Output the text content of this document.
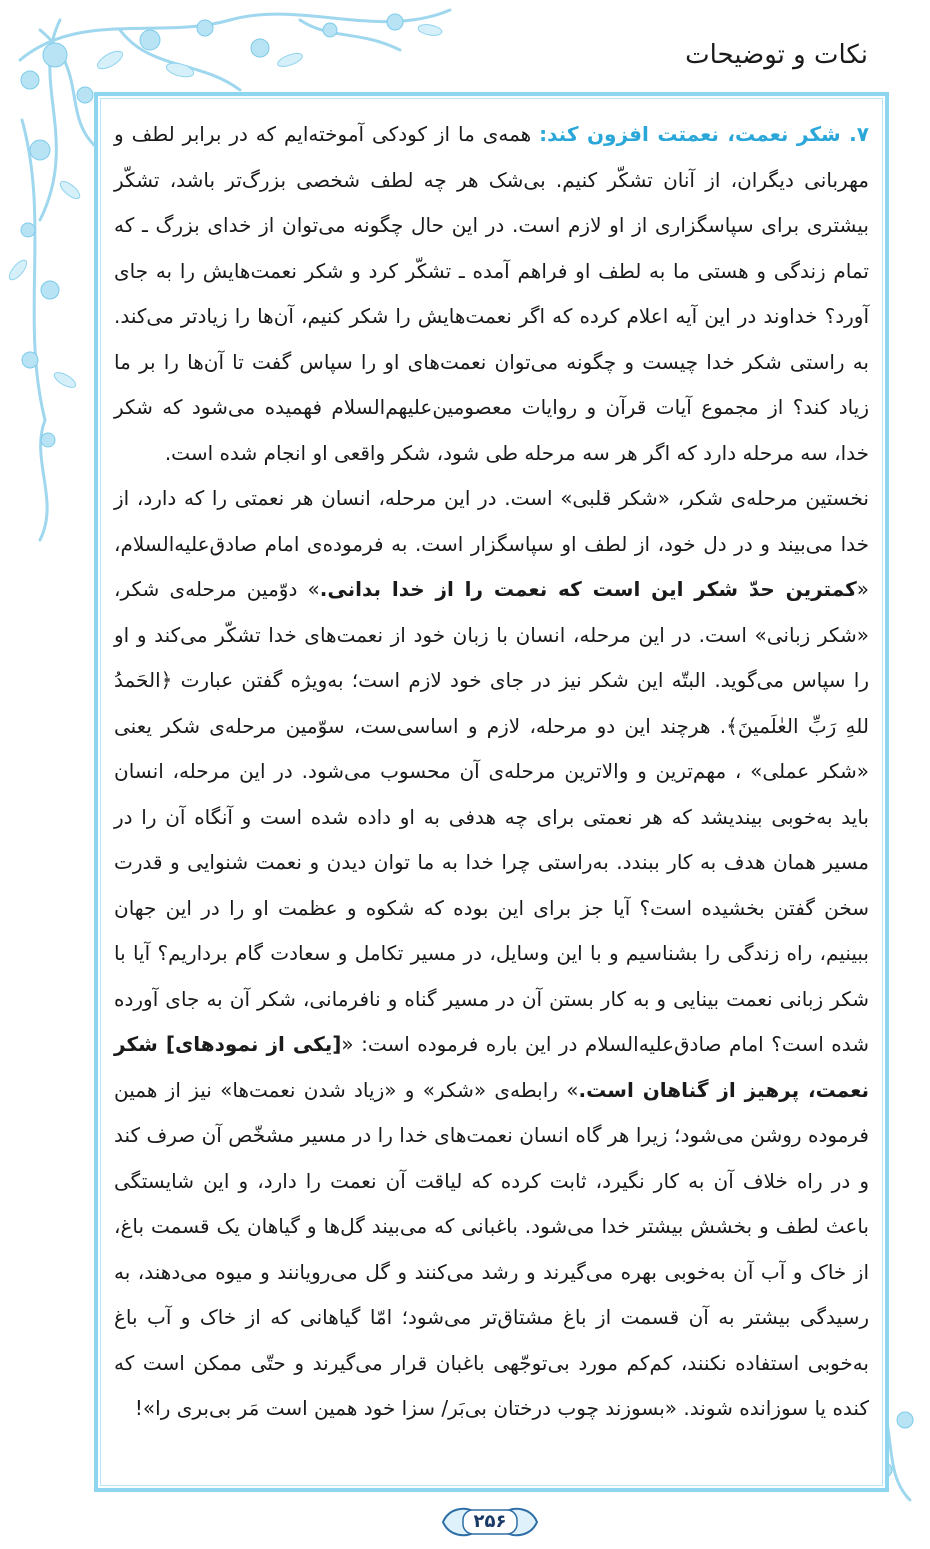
نکات و توضیحات

۷. شکر نعمت، نعمتت افزون کند: همه‌ی ما از کودکی آموخته‌ایم که در برابر لطف و مهربانی دیگران، از آنان تشکّر کنیم. بی‌شک هر چه لطف شخصی بزرگ‌تر باشد، تشکّر بیشتری برای سپاسگزاری از او لازم است. در این حال چگونه می‌توان از خدای بزرگ ـ که تمام زندگی و هستی ما به لطف او فراهم آمده ـ تشکّر کرد و شکر نعمت‌هایش را به جای آورد؟ خداوند در این آیه اعلام کرده که اگر نعمت‌هایش را شکر کنیم، آن‌ها را زیادتر می‌کند. به راستی شکر خدا چیست و چگونه می‌توان نعمت‌های او را سپاس گفت تا آن‌ها را بر ما زیاد کند؟ از مجموع آیات قرآن و روایات معصومین‌علیهم‌السلام فهمیده می‌شود که شکر خدا، سه مرحله دارد که اگر هر سه مرحله طی شود، شکر واقعی او انجام شده است.

نخستین مرحله‌ی شکر، «شکر قلبی» است. در این مرحله، انسان هر نعمتی را که دارد، از خدا می‌بیند و در دل خود، از لطف او سپاسگزار است. به فرموده‌ی امام صادق‌علیه‌السلام، «کمترین حدّ شکر این است که نعمت را از خدا بدانی.» دوّمین مرحله‌ی شکر، «شکر زبانی» است. در این مرحله، انسان با زبان خود از نعمت‌های خدا تشکّر می‌کند و او را سپاس می‌گوید. البتّه این شکر نیز در جای خود لازم است؛ به‌ویژه گفتن عبارت ﴿الحَمدُ للهِ رَبِّ العٰلَمینَ﴾. هرچند این دو مرحله، لازم و اساسی‌ست، سوّمین مرحله‌ی شکر یعنی «شکر عملی» ، مهم‌ترین و والاترین مرحله‌ی آن محسوب می‌شود. در این مرحله، انسان باید به‌خوبی بیندیشد که هر نعمتی برای چه هدفی به او داده شده است و آنگاه آن را در مسیر همان هدف به کار ببندد. به‌راستی چرا خدا به ما توان دیدن و نعمت شنوایی و قدرت سخن گفتن بخشیده است؟ آیا جز برای این بوده که شکوه و عظمت او را در این جهان ببینیم، راه زندگی را بشناسیم و با این وسایل، در مسیر تکامل و سعادت گام برداریم؟ آیا با شکر زبانی نعمت بینایی و به کار بستن آن در مسیر گناه و نافرمانی، شکر آن به جای آورده شده است؟ امام صادق‌علیه‌السلام در این باره فرموده است: «[یکی از نمودهای] شکر نعمت، پرهیز از گناهان است.» رابطه‌ی «شکر» و «زیاد شدن نعمت‌ها» نیز از همین فرموده روشن می‌شود؛ زیرا هر گاه انسان نعمت‌های خدا را در مسیر مشخّص آن صرف کند و در راه خلاف آن به کار نگیرد، ثابت کرده که لیاقت آن نعمت را دارد، و این شایستگی باعث لطف و بخشش بیشتر خدا می‌شود. باغبانی که می‌بیند گل‌ها و گیاهان یک قسمت باغ، از خاک و آب آن به‌خوبی بهره می‌گیرند و رشد می‌کنند و گل می‌رویانند و میوه می‌دهند، به رسیدگی بیشتر به آن قسمت از باغ مشتاق‌تر می‌شود؛ امّا گیاهانی که از خاک و آب باغ به‌خوبی استفاده نکنند، کم‌کم مورد بی‌توجّهی باغبان قرار می‌گیرند و حتّی ممکن است که کنده یا سوزانده شوند. «بسوزند چوب درختان بی‌بَر/ سزا خود همین است مَر بی‌بری را»!

۲۵۶
